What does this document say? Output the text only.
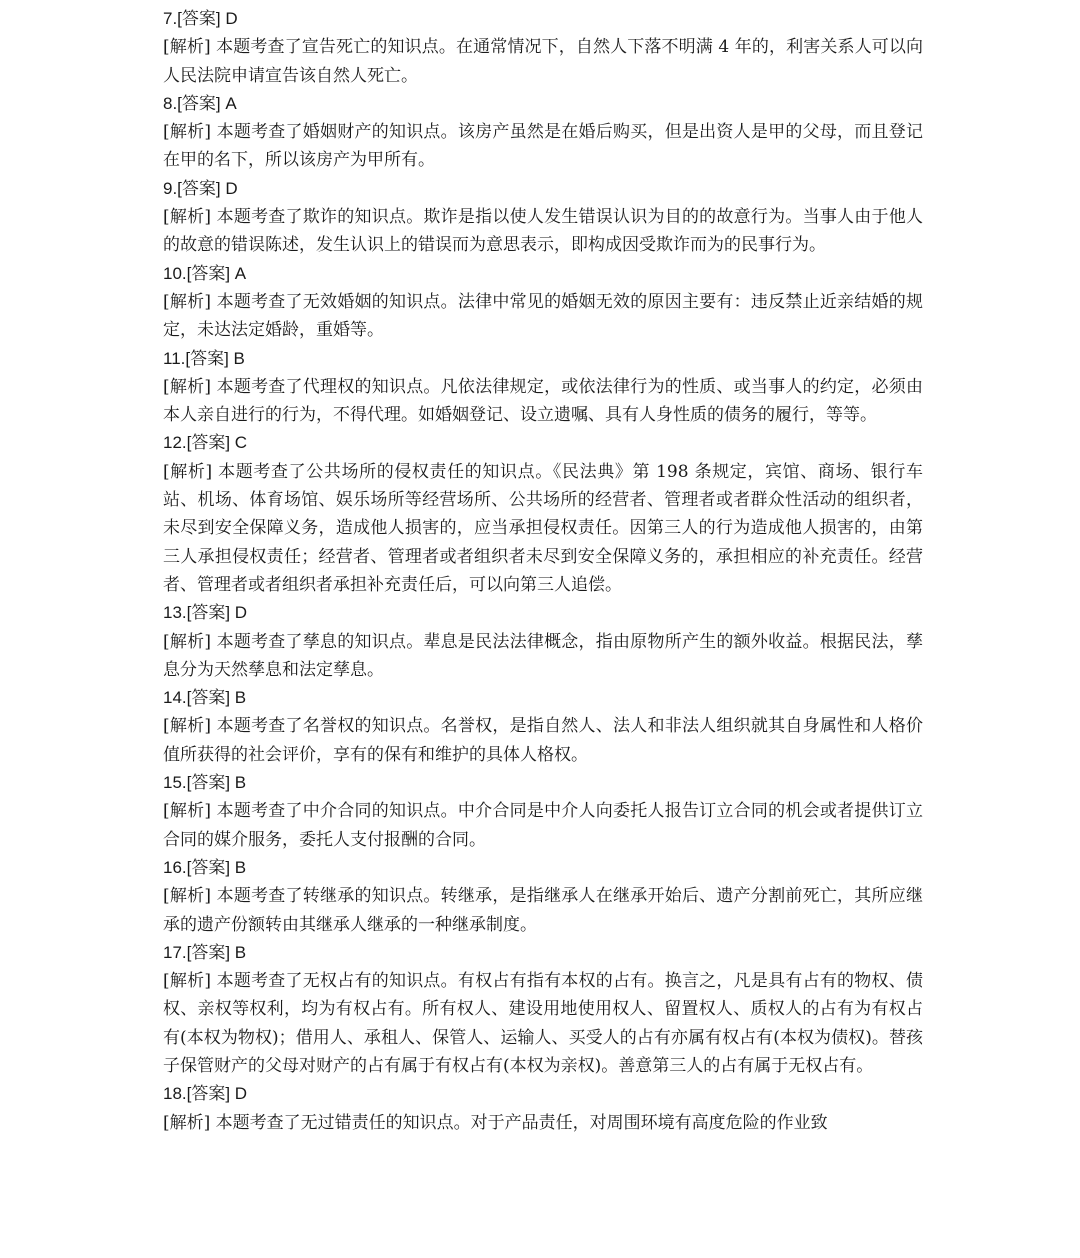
7.[答案] D

[解析] 本题考查了宣告死亡的知识点。在通常情况下，自然人下落不明满 4 年的，利害关系人可以向人民法院申请宣告该自然人死亡。

8.[答案] A

[解析] 本题考查了婚姻财产的知识点。该房产虽然是在婚后购买，但是出资人是甲的父母，而且登记在甲的名下，所以该房产为甲所有。

9.[答案] D

[解析] 本题考查了欺诈的知识点。欺诈是指以使人发生错误认识为目的的故意行为。当事人由于他人的故意的错误陈述，发生认识上的错误而为意思表示，即构成因受欺诈而为的民事行为。

10.[答案] A

[解析] 本题考查了无效婚姻的知识点。法律中常见的婚姻无效的原因主要有：违反禁止近亲结婚的规定，未达法定婚龄，重婚等。

11.[答案] B

[解析] 本题考查了代理权的知识点。凡依法律规定，或依法律行为的性质、或当事人的约定，必须由本人亲自进行的行为，不得代理。如婚姻登记、设立遗嘱、具有人身性质的债务的履行，等等。

12.[答案] C

[解析] 本题考查了公共场所的侵权责任的知识点。《民法典》第 198 条规定，宾馆、商场、银行车站、机场、体育场馆、娱乐场所等经营场所、公共场所的经营者、管理者或者群众性活动的组织者，未尽到安全保障义务，造成他人损害的，应当承担侵权责任。因第三人的行为造成他人损害的，由第三人承担侵权责任；经营者、管理者或者组织者未尽到安全保障义务的，承担相应的补充责任。经营者、管理者或者组织者承担补充责任后，可以向第三人追偿。

13.[答案] D

[解析] 本题考查了孳息的知识点。辈息是民法法律概念，指由原物所产生的额外收益。根据民法，孳息分为天然孳息和法定孳息。

14.[答案] B

[解析] 本题考查了名誉权的知识点。名誉权，是指自然人、法人和非法人组织就其自身属性和人格价值所获得的社会评价，享有的保有和维护的具体人格权。

15.[答案] B

[解析] 本题考查了中介合同的知识点。中介合同是中介人向委托人报告订立合同的机会或者提供订立合同的媒介服务，委托人支付报酬的合同。

16.[答案] B

[解析] 本题考查了转继承的知识点。转继承，是指继承人在继承开始后、遗产分割前死亡，其所应继承的遗产份额转由其继承人继承的一种继承制度。

17.[答案] B

[解析] 本题考查了无权占有的知识点。有权占有指有本权的占有。换言之，凡是具有占有的物权、债权、亲权等权利，均为有权占有。所有权人、建设用地使用权人、留置权人、质权人的占有为有权占有(本权为物权)；借用人、承租人、保管人、运输人、买受人的占有亦属有权占有(本权为债权)。替孩子保管财产的父母对财产的占有属于有权占有(本权为亲权)。善意第三人的占有属于无权占有。

18.[答案] D

[解析] 本题考查了无过错责任的知识点。对于产品责任，对周围环境有高度危险的作业致
